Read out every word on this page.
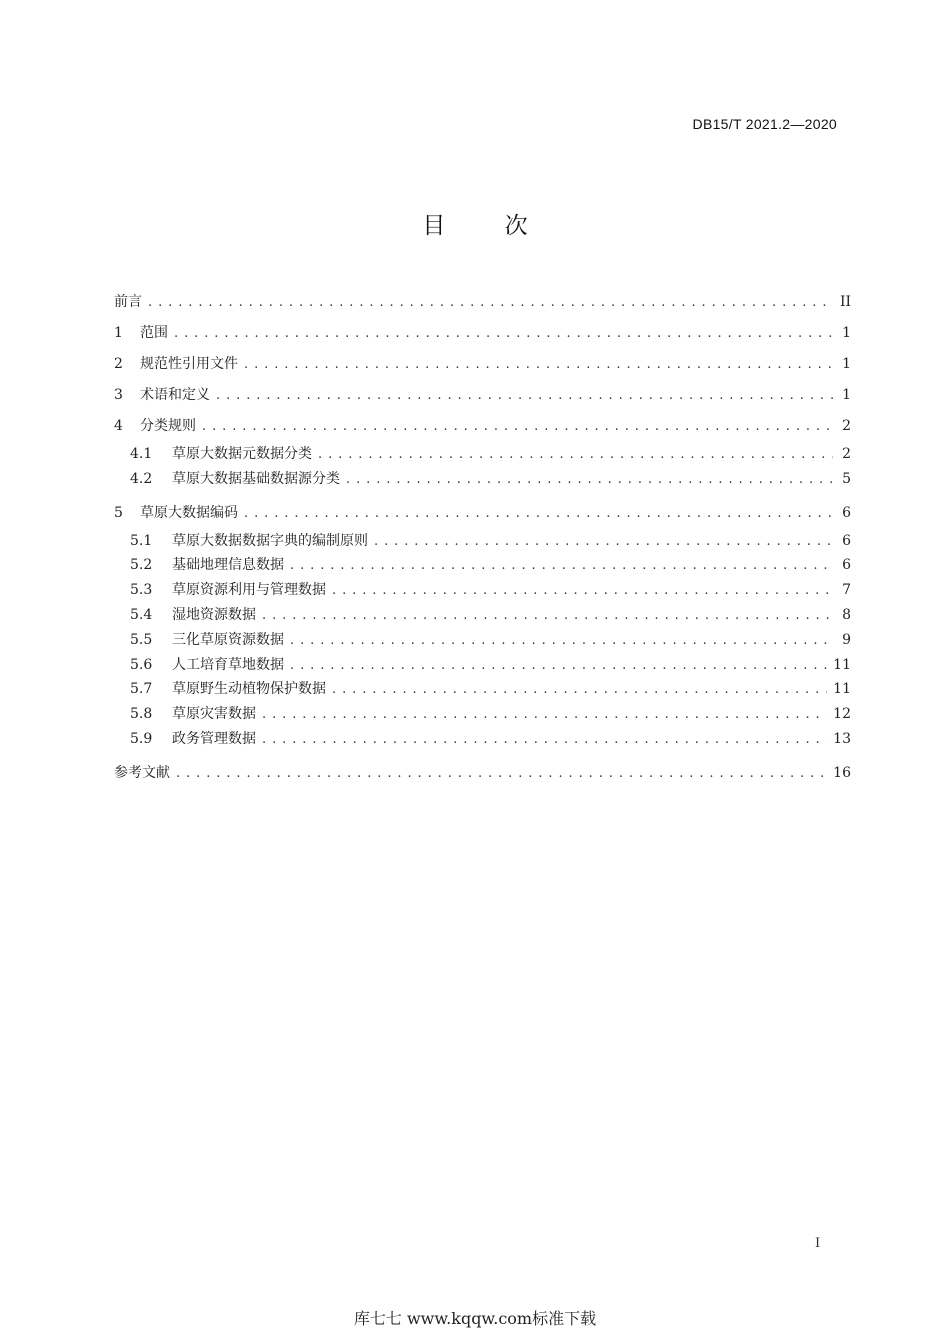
DB15/T 2021.2—2020
目 次
前言 . . .	II
1	范围 . . .	1
2	规范性引用文件 . . .	1
3	术语和定义 . . .	1
4	分类规则 . . .	2
4.1	草原大数据元数据分类 . . .	2
4.2	草原大数据基础数据源分类 . . .	5
5	草原大数据编码 . . .	6
5.1	草原大数据数据字典的编制原则 . . .	6
5.2	基础地理信息数据 . . .	6
5.3	草原资源利用与管理数据 . . .	7
5.4	湿地资源数据 . . .	8
5.5	三化草原资源数据 . . .	9
5.6	人工培育草地数据 . . .	11
5.7	草原野生动植物保护数据 . . .	11
5.8	草原灾害数据 . . .	12
5.9	政务管理数据 . . .	13
参考文献 . . .	16
I
库七七 www.kqqw.com标准下载
